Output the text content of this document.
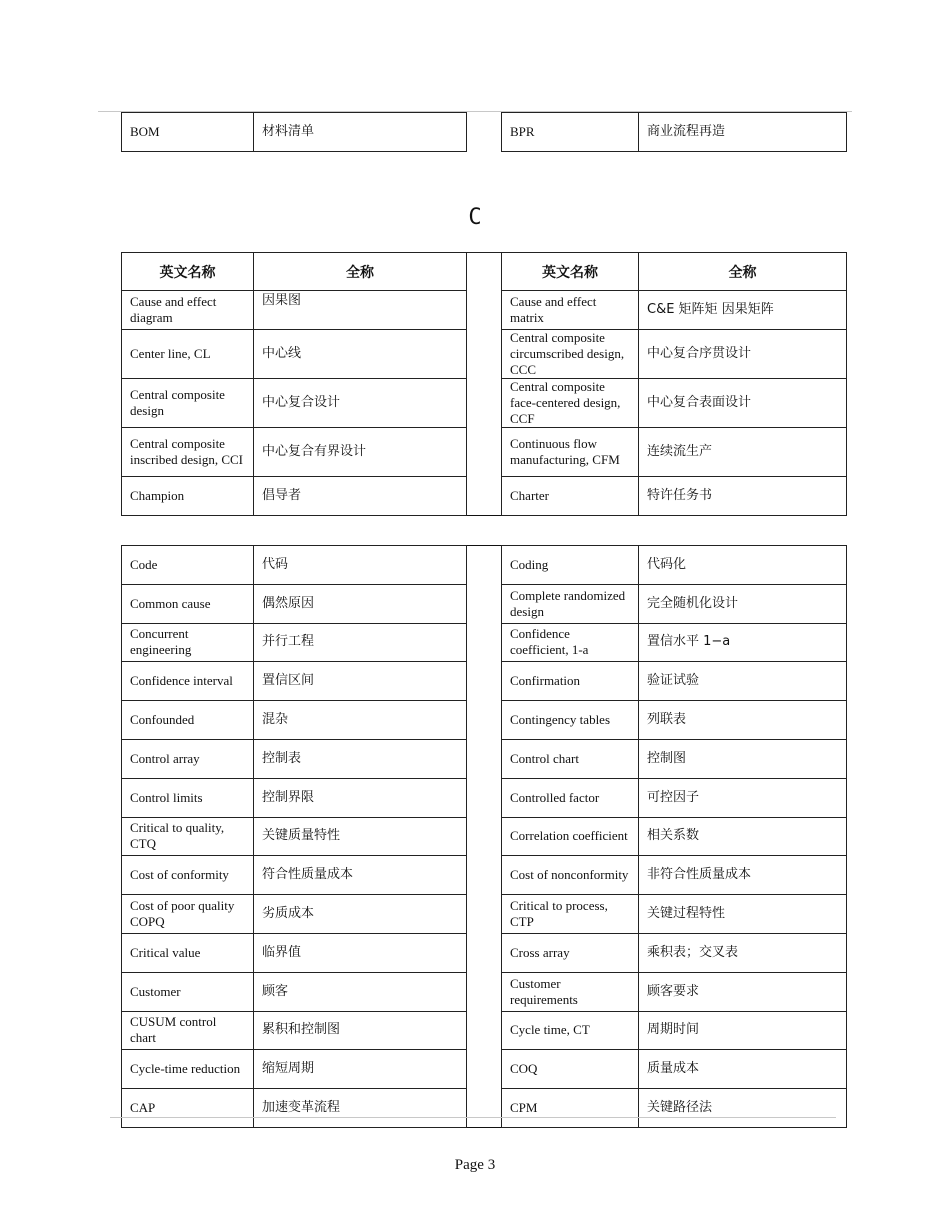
BOM	材料清单		BPR	商业流程再造
C
英文名称	全称		英文名称	全称
Cause and effect diagram	因果图		Cause and effect matrix	C&E 矩阵矩 因果矩阵
Center line, CL	中心线		Central composite circumscribed design, CCC	中心复合序贯设计
Central composite design	中心复合设计		Central composite face-centered design, CCF	中心复合表面设计
Central composite inscribed design, CCI	中心复合有界设计		Continuous flow manufacturing, CFM	连续流生产
Champion	倡导者		Charter	特许任务书
Code	代码		Coding	代码化
Common cause	偶然原因		Complete randomized design	完全随机化设计
Concurrent engineering	并行工程		Confidence coefficient, 1-a	置信水平 1−a
Confidence interval	置信区间		Confirmation	验证试验
Confounded	混杂		Contingency tables	列联表
Control array	控制表		Control chart	控制图
Control limits	控制界限		Controlled factor	可控因子
Critical to quality, CTQ	关键质量特性		Correlation coefficient	相关系数
Cost of conformity	符合性质量成本		Cost of nonconformity	非符合性质量成本
Cost of poor quality COPQ	劣质成本		Critical to process, CTP	关键过程特性
Critical value	临界值		Cross array	乘积表；交叉表
Customer	顾客		Customer requirements	顾客要求
CUSUM control chart	累积和控制图		Cycle time, CT	周期时间
Cycle-time reduction	缩短周期		COQ	质量成本
CAP	加速变革流程		CPM	关键路径法
Page 3
